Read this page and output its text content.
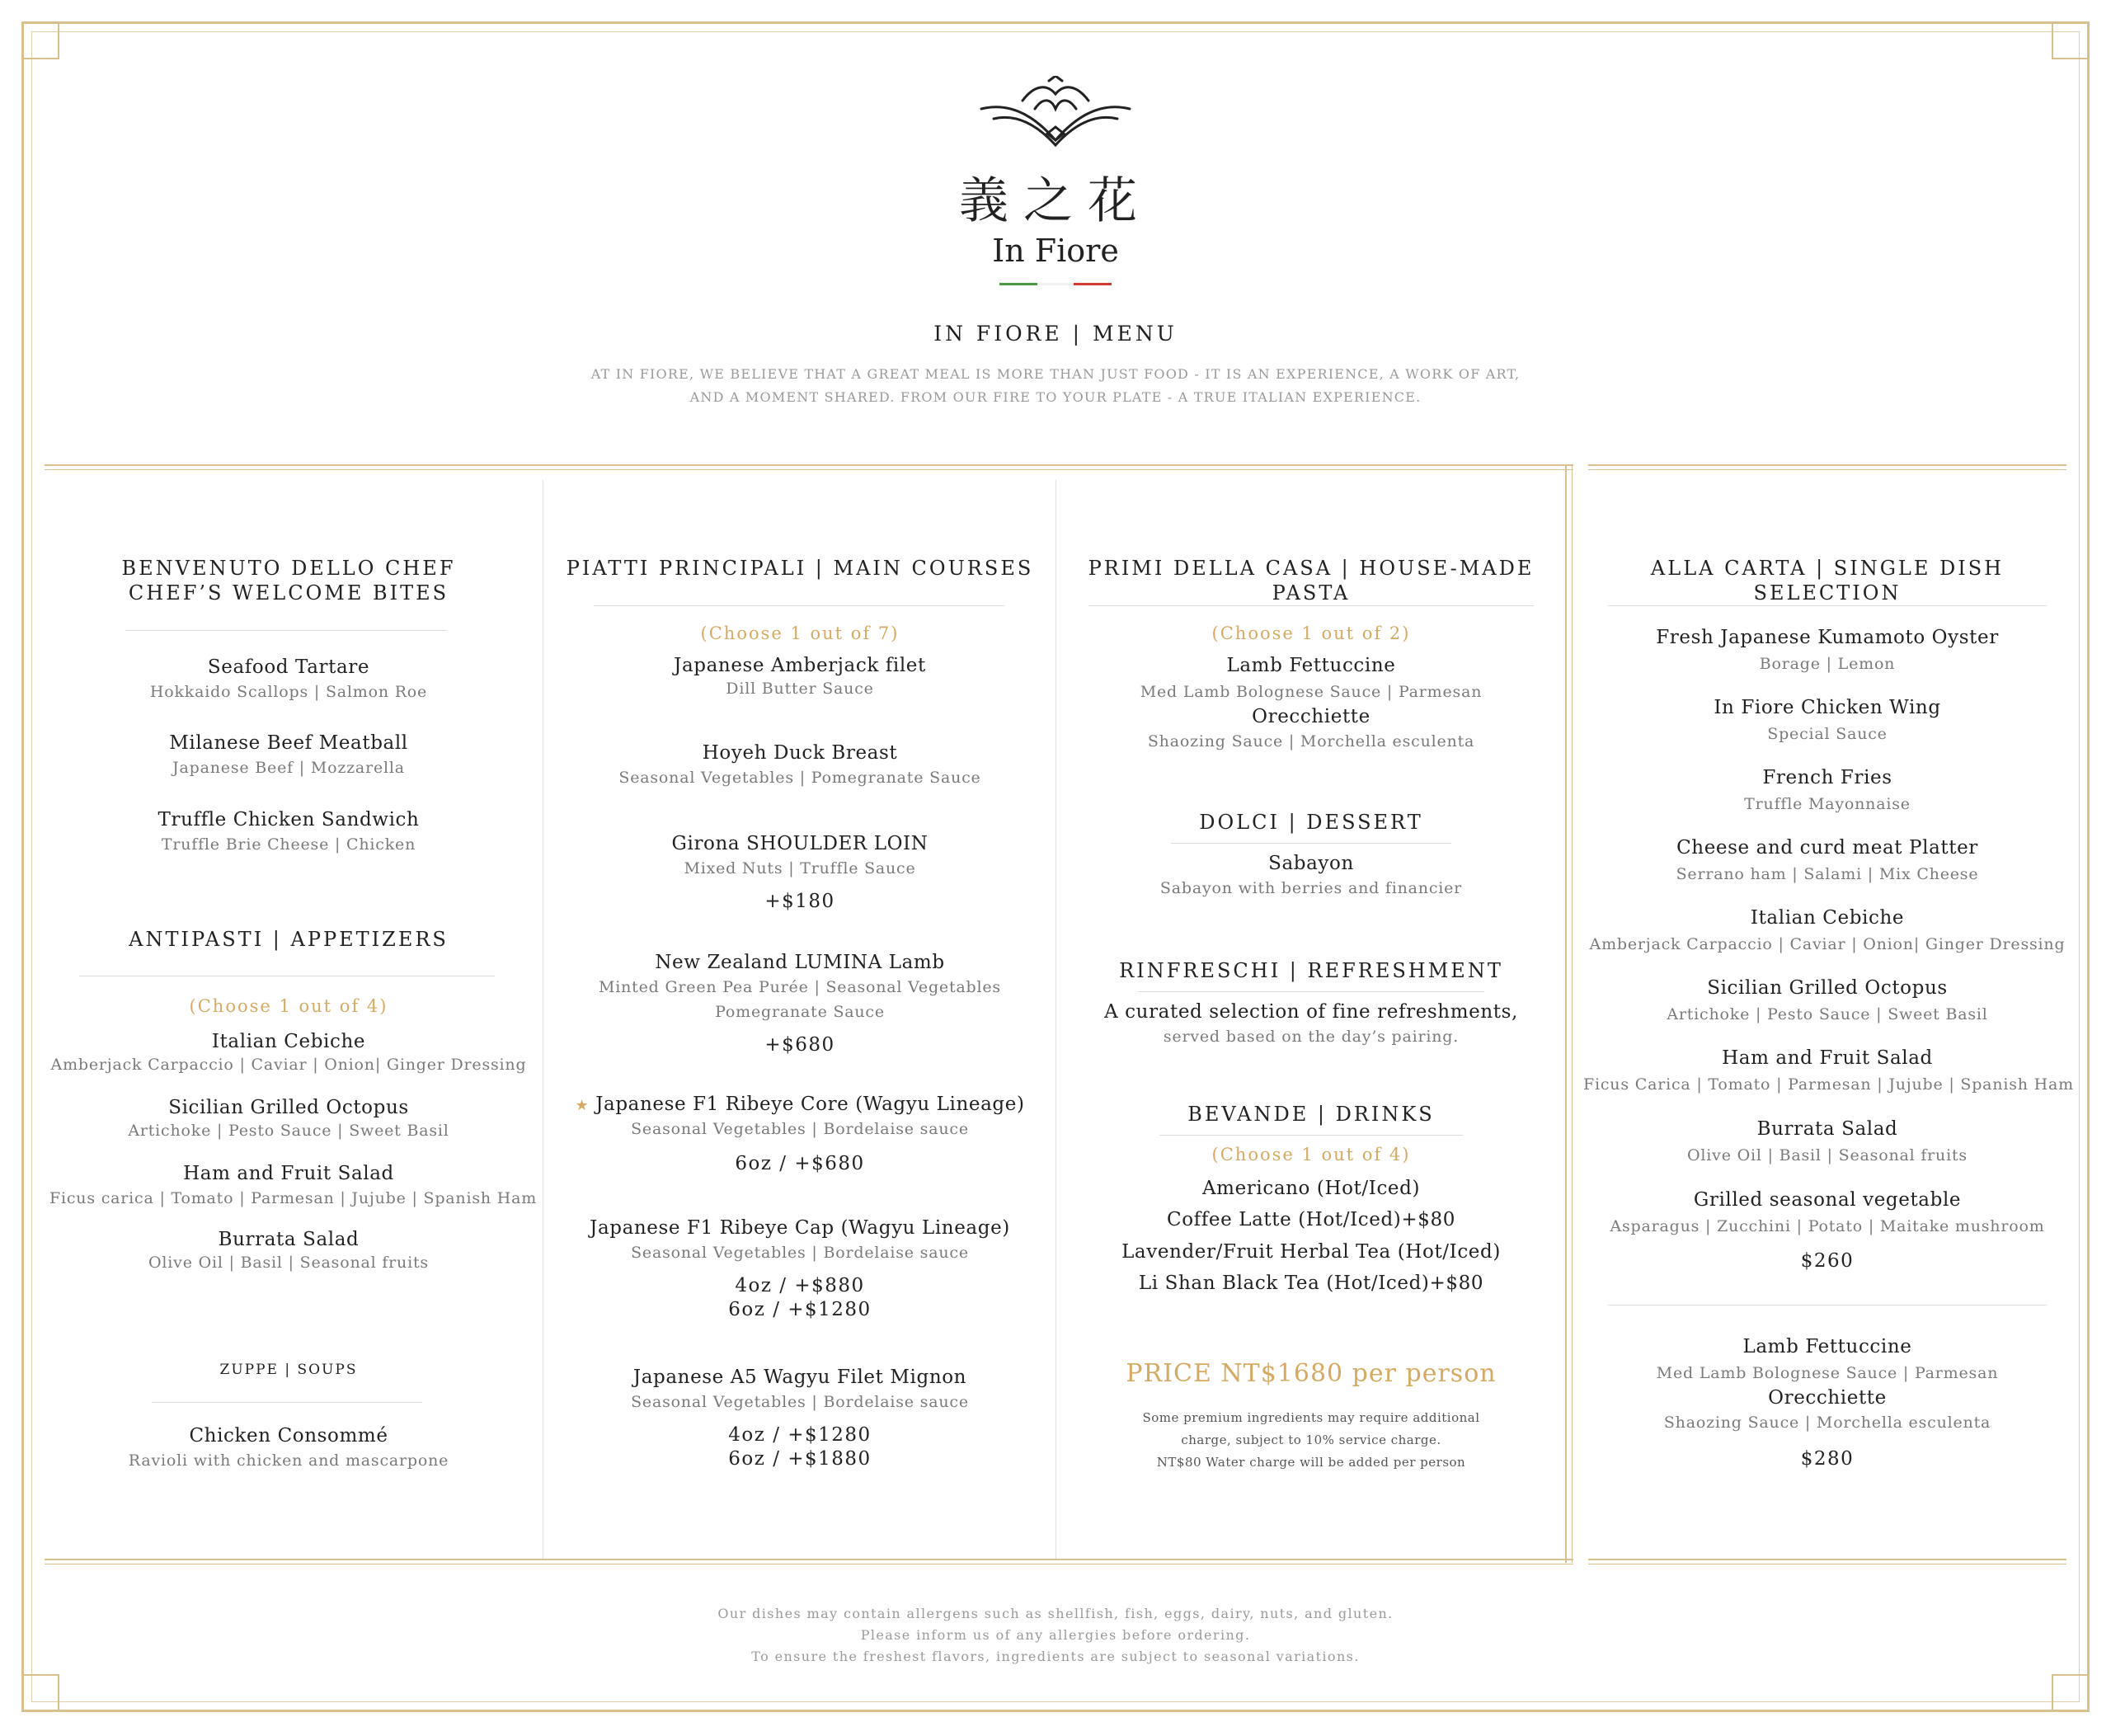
義之花
In Fiore
IN FIORE | MENU
AT IN FIORE, WE BELIEVE THAT A GREAT MEAL IS MORE THAN JUST FOOD - IT IS AN EXPERIENCE, A WORK OF ART,
AND A MOMENT SHARED. FROM OUR FIRE TO YOUR PLATE - A TRUE ITALIAN EXPERIENCE.
BENVENUTO DELLO CHEF
CHEF’S WELCOME BITES
Seafood Tartare
Hokkaido Scallops | Salmon Roe
Milanese Beef Meatball
Japanese Beef | Mozzarella
Truffle Chicken Sandwich
Truffle Brie Cheese | Chicken
ANTIPASTI | APPETIZERS
(Choose 1 out of 4)
Italian Cebiche
Amberjack Carpaccio | Caviar | Onion| Ginger Dressing
Sicilian Grilled Octopus
Artichoke | Pesto Sauce | Sweet Basil
Ham and Fruit Salad
Ficus carica | Tomato | Parmesan | Jujube | Spanish Ham
Burrata Salad
Olive Oil | Basil | Seasonal fruits
ZUPPE | SOUPS
Chicken Consommé
Ravioli with chicken and mascarpone
PIATTI PRINCIPALI | MAIN COURSES
(Choose 1 out of 7)
Japanese Amberjack filet
Dill Butter Sauce
Hoyeh Duck Breast
Seasonal Vegetables | Pomegranate Sauce
Girona SHOULDER LOIN
Mixed Nuts | Truffle Sauce
+$180
New Zealand LUMINA Lamb
Minted Green Pea Purée | Seasonal Vegetables
Pomegranate Sauce
+$680
★ Japanese F1 Ribeye Core (Wagyu Lineage)
Seasonal Vegetables | Bordelaise sauce
6oz / +$680
Japanese F1 Ribeye Cap (Wagyu Lineage)
Seasonal Vegetables | Bordelaise sauce
4oz / +$880
6oz / +$1280
Japanese A5 Wagyu Filet Mignon
Seasonal Vegetables | Bordelaise sauce
4oz / +$1280
6oz / +$1880
PRIMI DELLA CASA | HOUSE-MADE PASTA
(Choose 1 out of 2)
Lamb Fettuccine
Med Lamb Bolognese Sauce | Parmesan
Orecchiette
Shaozing Sauce | Morchella esculenta
DOLCI | DESSERT
Sabayon
Sabayon with berries and financier
RINFRESCHI | REFRESHMENT
A curated selection of fine refreshments,
served based on the day’s pairing.
BEVANDE | DRINKS
(Choose 1 out of 4)
Americano (Hot/Iced)
Coffee Latte (Hot/Iced)+$80
Lavender/Fruit Herbal Tea (Hot/Iced)
Li Shan Black Tea (Hot/Iced)+$80
PRICE NT$1680 per person
Some premium ingredients may require additional
charge, subject to 10% service charge.
NT$80 Water charge will be added per person
ALLA CARTA | SINGLE DISH SELECTION
Fresh Japanese Kumamoto Oyster
Borage | Lemon
In Fiore Chicken Wing
Special Sauce
French Fries
Truffle Mayonnaise
Cheese and curd meat Platter
Serrano ham | Salami | Mix Cheese
Italian Cebiche
Amberjack Carpaccio | Caviar | Onion| Ginger Dressing
Sicilian Grilled Octopus
Artichoke | Pesto Sauce | Sweet Basil
Ham and Fruit Salad
Ficus Carica | Tomato | Parmesan | Jujube | Spanish Ham
Burrata Salad
Olive Oil | Basil | Seasonal fruits
Grilled seasonal vegetable
Asparagus | Zucchini | Potato | Maitake mushroom
$260
Lamb Fettuccine
Med Lamb Bolognese Sauce | Parmesan
Orecchiette
Shaozing Sauce | Morchella esculenta
$280
Our dishes may contain allergens such as shellfish, fish, eggs, dairy, nuts, and gluten.
Please inform us of any allergies before ordering.
To ensure the freshest flavors, ingredients are subject to seasonal variations.
